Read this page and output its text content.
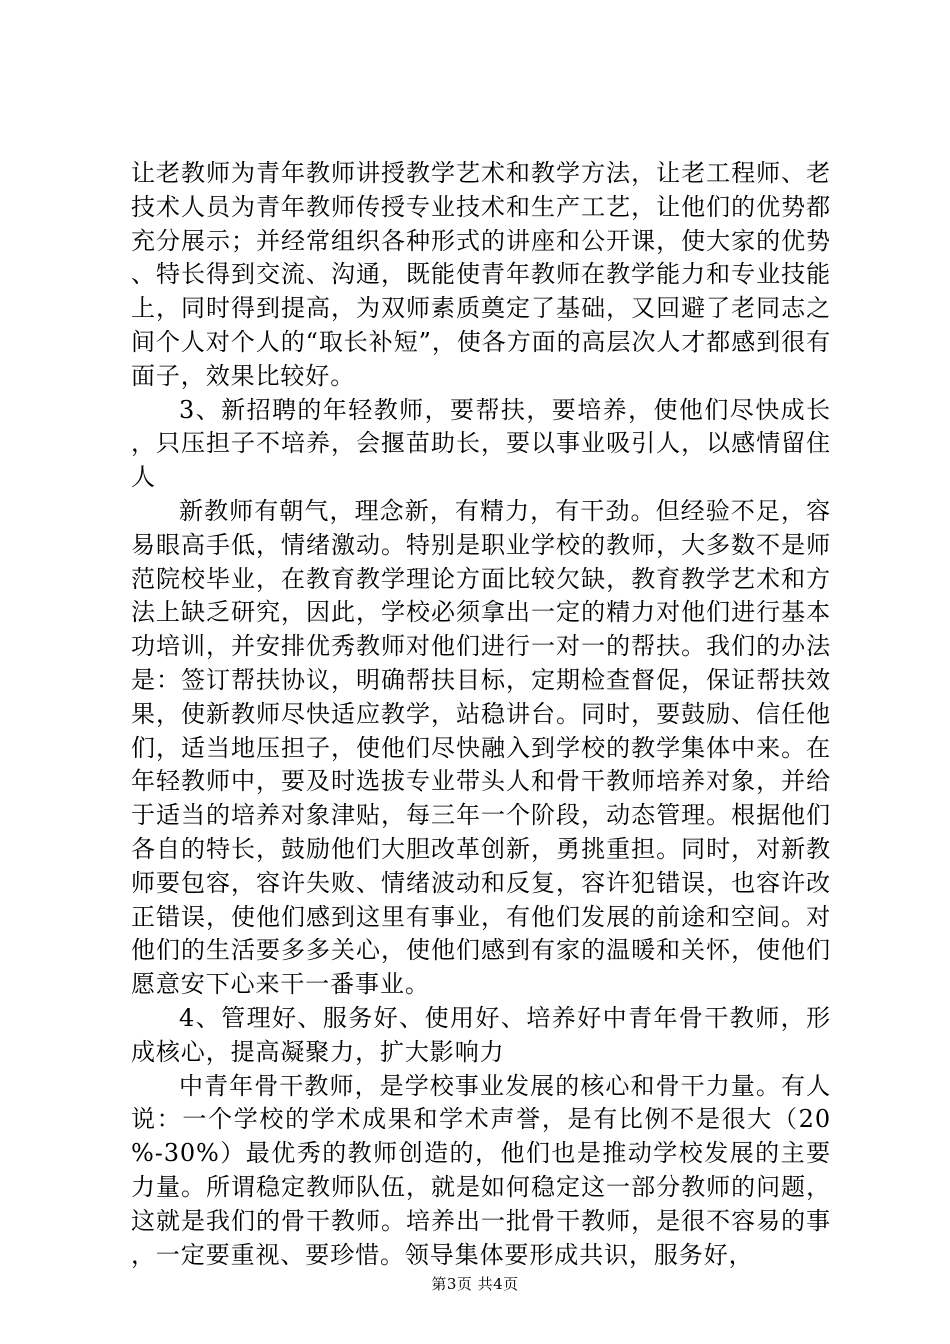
让老教师为青年教师讲授教学艺术和教学方法，让老工程师、老技术人员为青年教师传授专业技术和生产工艺，让他们的优势都充分展示；并经常组织各种形式的讲座和公开课，使大家的优势、特长得到交流、沟通，既能使青年教师在教学能力和专业技能上，同时得到提高，为双师素质奠定了基础，又回避了老同志之间个人对个人的“取长补短”，使各方面的高层次人才都感到很有面子，效果比较好。

3、新招聘的年轻教师，要帮扶，要培养，使他们尽快成长，只压担子不培养，会揠苗助长，要以事业吸引人，以感情留住人

新教师有朝气，理念新，有精力，有干劲。但经验不足，容易眼高手低，情绪激动。特别是职业学校的教师，大多数不是师范院校毕业，在教育教学理论方面比较欠缺，教育教学艺术和方法上缺乏研究，因此，学校必须拿出一定的精力对他们进行基本功培训，并安排优秀教师对他们进行一对一的帮扶。我们的办法是：签订帮扶协议，明确帮扶目标，定期检查督促，保证帮扶效果，使新教师尽快适应教学，站稳讲台。同时，要鼓励、信任他们，适当地压担子，使他们尽快融入到学校的教学集体中来。在年轻教师中，要及时选拔专业带头人和骨干教师培养对象，并给于适当的培养对象津贴，每三年一个阶段，动态管理。根据他们各自的特长，鼓励他们大胆改革创新，勇挑重担。同时，对新教师要包容，容许失败、情绪波动和反复，容许犯错误，也容许改正错误，使他们感到这里有事业，有他们发展的前途和空间。对他们的生活要多多关心，使他们感到有家的温暖和关怀，使他们愿意安下心来干一番事业。

4、管理好、服务好、使用好、培养好中青年骨干教师，形成核心，提高凝聚力，扩大影响力

中青年骨干教师，是学校事业发展的核心和骨干力量。有人说：一个学校的学术成果和学术声誉，是有比例不是很大（20%-30%）最优秀的教师创造的，他们也是推动学校发展的主要力量。所谓稳定教师队伍，就是如何稳定这一部分教师的问题，这就是我们的骨干教师。培养出一批骨干教师，是很不容易的事，一定要重视、要珍惜。领导集体要形成共识，服务好，

第3页 共4页
